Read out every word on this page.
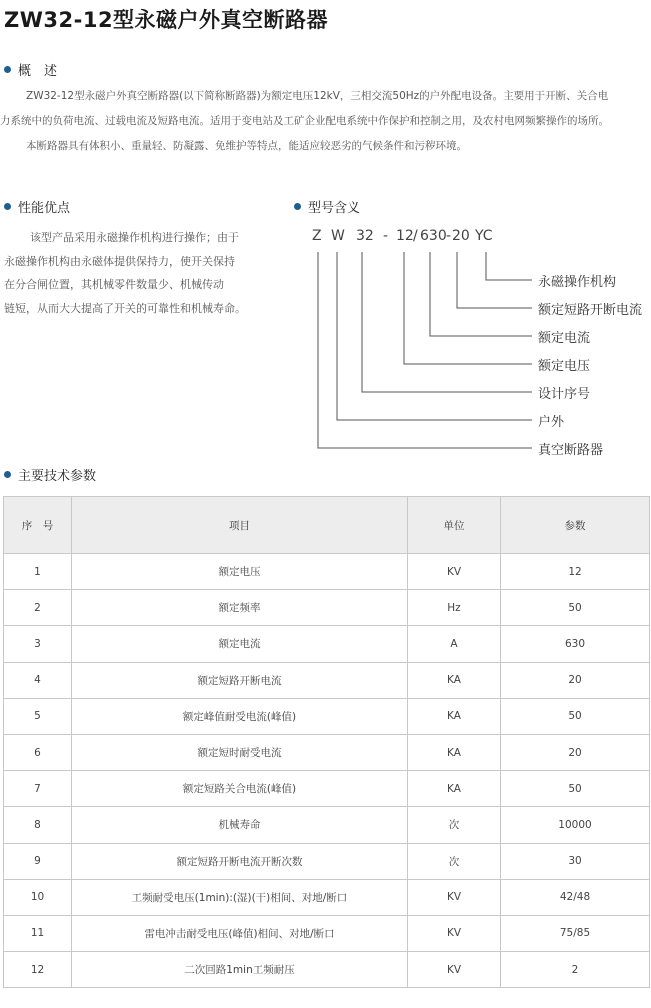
ZW32-12型永磁户外真空断路器
概　述

ZW32-12型永磁户外真空断路器(以下简称断路器)为额定电压12kV，三相交流50Hz的户外配电设备。主要用于开断、关合电

力系统中的负荷电流、过载电流及短路电流。适用于变电站及工矿企业配电系统中作保护和控制之用，及农村电网频繁操作的场所。

本断路器具有体积小、重量轻、防凝露、免维护等特点，能适应较恶劣的气候条件和污秽环境。

性能优点

该型产品采用永磁操作机构进行操作；由于

永磁操作机构由永磁体提供保持力，使开关保持

在分合闸位置，其机械零件数量少、机械传动

链短，从而大大提高了开关的可靠性和机械寿命。

型号含义
Z W 32 - 12 / 630 - 20 YC
永磁操作机构
额定短路开断电流
额定电流
额定电压
设计序号
户外
真空断路器
主要技术参数
序　号	项目	单位	参数
1	额定电压	KV	12
2	额定频率	Hz	50
3	额定电流	A	630
4	额定短路开断电流	KA	20
5	额定峰值耐受电流(峰值)	KA	50
6	额定短时耐受电流	KA	20
7	额定短路关合电流(峰值)	KA	50
8	机械寿命	次	10000
9	额定短路开断电流开断次数	次	30
10	工频耐受电压(1min):(湿)(干)相间、对地/断口	KV	42/48
11	雷电冲击耐受电压(峰值)相间、对地/断口	KV	75/85
12	二次回路1min工频耐压	KV	2
